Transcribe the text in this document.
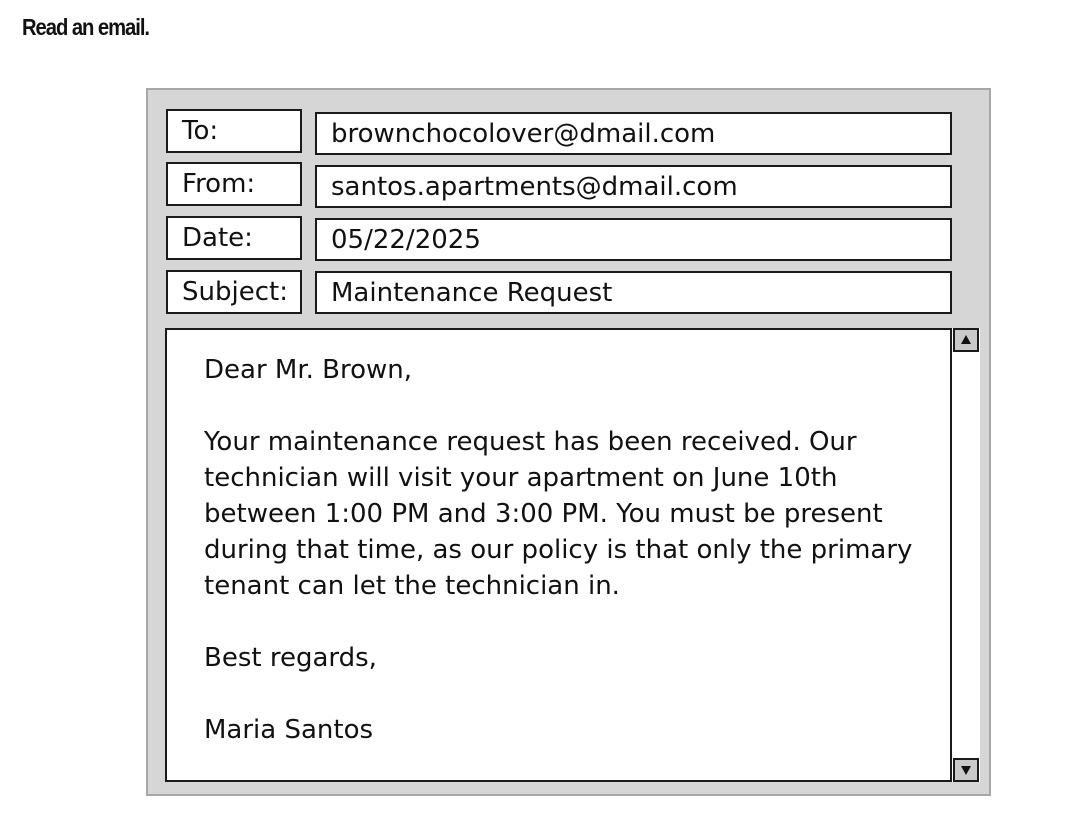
Read an email.
To:	brownchocolover@dmail.com
From:	santos.apartments@dmail.com
Date:	05/22/2025
Subject:	Maintenance Request

Dear Mr. Brown,

Your maintenance request has been received. Our technician will visit your apartment on June 10th between 1:00 PM and 3:00 PM. You must be present during that time, as our policy is that only the primary tenant can let the technician in.

Best regards,

Maria Santos
